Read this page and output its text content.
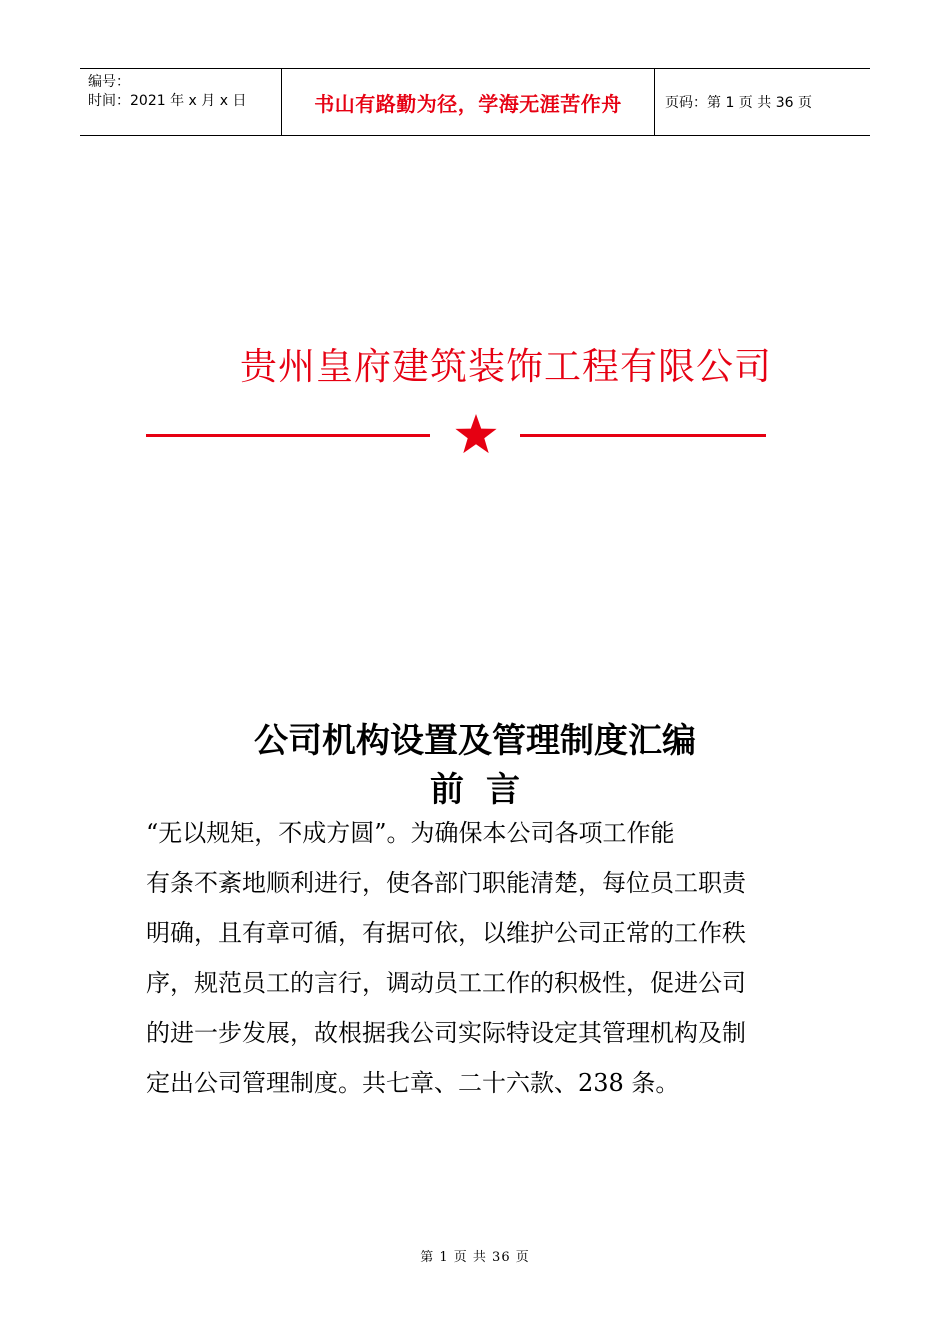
编号：
时间：2021 年 x 月 x 日	书山有路勤为径，学海无涯苦作舟	页码：第 1 页 共 36 页
贵州皇府建筑装饰工程有限公司
公司机构设置及管理制度汇编
前言

“无以规矩，不成方圆”。为确保本公司各项工作能

有条不紊地顺利进行，使各部门职能清楚，每位员工职责

明确，且有章可循，有据可依，以维护公司正常的工作秩

序，规范员工的言行，调动员工工作的积极性，促进公司

的进一步发展，故根据我公司实际特设定其管理机构及制

定出公司管理制度。共七章、二十六款、238 条。

第 1 页 共 36 页
